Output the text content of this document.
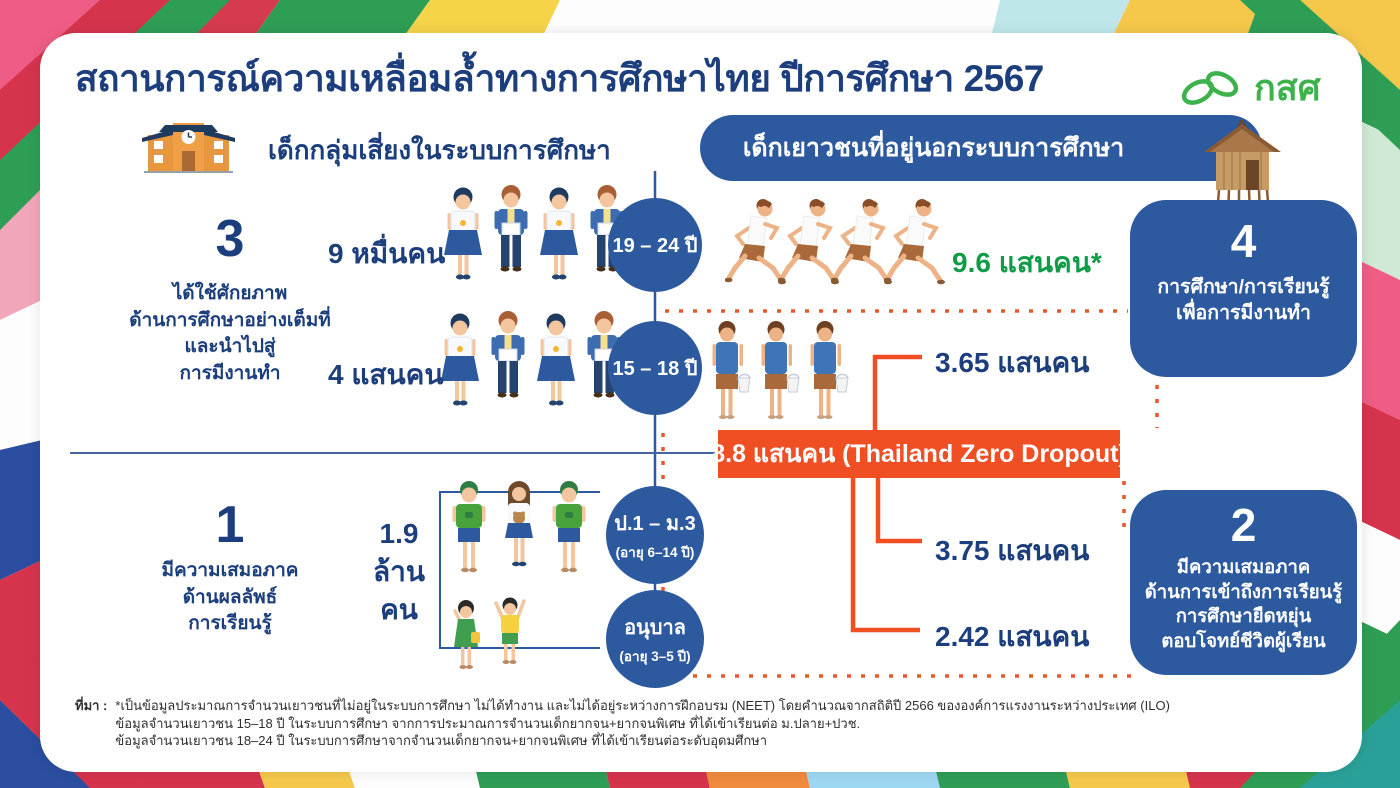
สถานการณ์ความเหลื่อมล้ำทางการศึกษาไทย ปีการศึกษา 2567	กสศ
เด็กกลุ่มเสี่ยงในระบบการศึกษา	เด็กเยาวชนที่อยู่นอกระบบการศึกษา
19 – 24 ปี
15 – 18 ปี
ป.1 – ม.3
(อายุ 6–14 ปี)
อนุบาล
(อายุ 3–5 ปี)
3
ได้ใช้ศักยภาพ
ด้านการศึกษาอย่างเต็มที่
และนำไปสู่
การมีงานทำ
1
มีความเสมอภาค
ด้านผลลัพธ์
การเรียนรู้
9 หมื่นคน
4 แสนคน
1.9
ล้าน
คน
9.6 แสนคน*
3.65 แสนคน
3.75 แสนคน
2.42 แสนคน
8.8 แสนคน (Thailand Zero Dropout)
4
การศึกษา/การเรียนรู้
เพื่อการมีงานทำ
2
มีความเสมอภาค
ด้านการเข้าถึงการเรียนรู้
การศึกษายืดหยุ่น
ตอบโจทย์ชีวิตผู้เรียน
ที่มา : *เป็นข้อมูลประมาณการจำนวนเยาวชนที่ไม่อยู่ในระบบการศึกษา ไม่ได้ทำงาน และไม่ได้อยู่ระหว่างการฝึกอบรม (NEET) โดยคำนวณจากสถิติปี 2566 ขององค์การแรงงานระหว่างประเทศ (ILO)
ข้อมูลจำนวนเยาวชน 15–18 ปี ในระบบการศึกษา จากการประมาณการจำนวนเด็กยากจน+ยากจนพิเศษ ที่ได้เข้าเรียนต่อ ม.ปลาย+ปวช.
ข้อมูลจำนวนเยาวชน 18–24 ปี ในระบบการศึกษาจากจำนวนเด็กยากจน+ยากจนพิเศษ ที่ได้เข้าเรียนต่อระดับอุดมศึกษา
